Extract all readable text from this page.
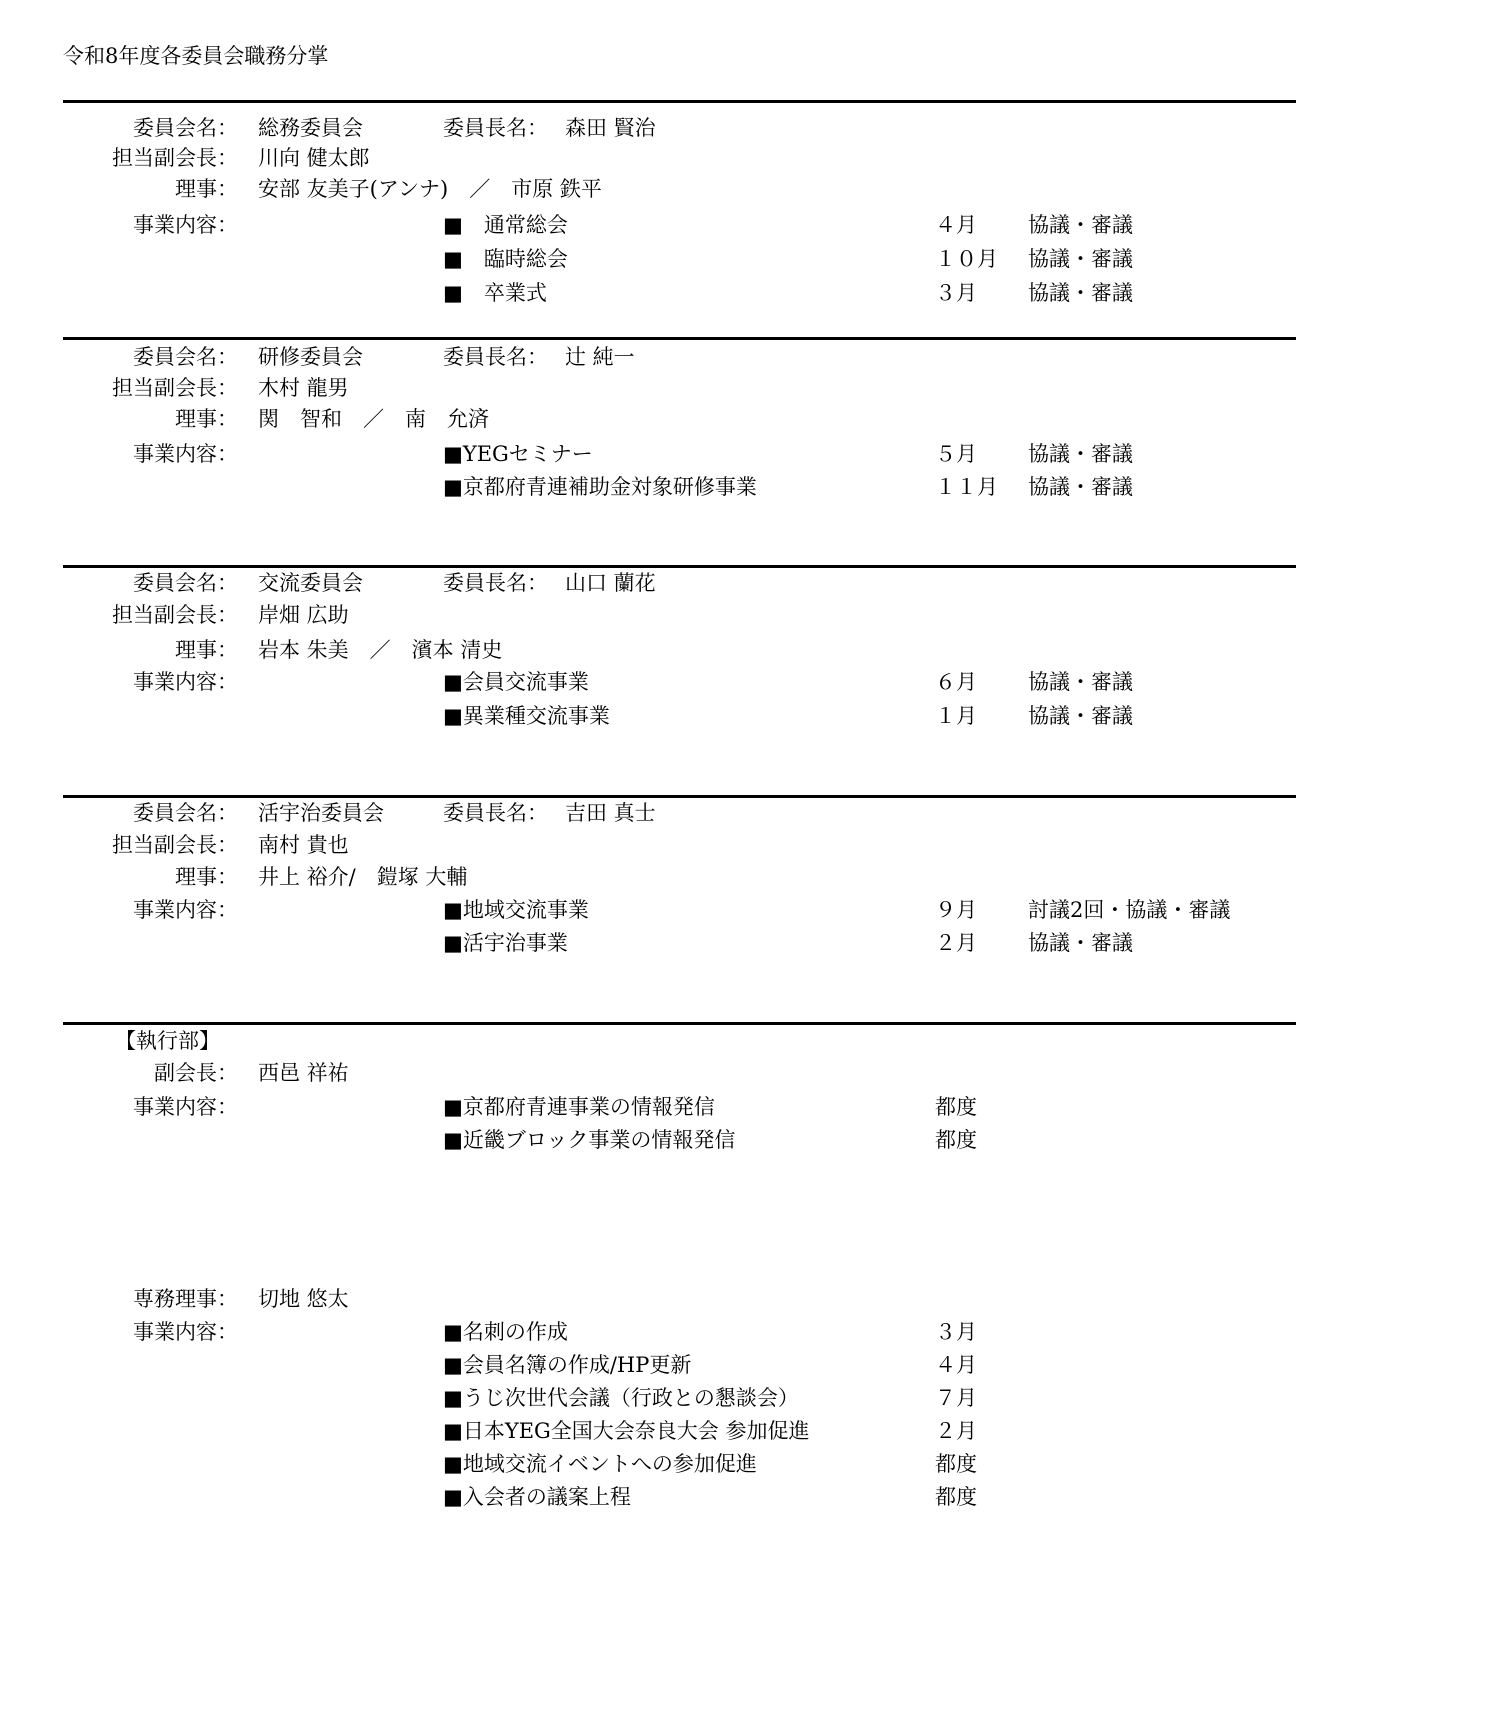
令和8年度各委員会職務分掌
委員会名： 総務委員会	委員長名： 森田 賢治
担当副会長： 川向 健太郎
理事： 安部 友美子(アンナ)　／　市原 鉄平
事業内容：	■　通常総会	４月 協議・審議
■　臨時総会	１０月 協議・審議
■　卒業式	３月 協議・審議
委員会名： 研修委員会	委員長名： 辻 純一
担当副会長： 木村 龍男
理事： 関　智和　／　南　允済
事業内容：	■YEGセミナー	５月 協議・審議
■京都府青連補助金対象研修事業	１１月 協議・審議
委員会名： 交流委員会	委員長名： 山口 蘭花
担当副会長： 岸畑 広助
理事： 岩本 朱美　／　濱本 清史
事業内容：	■会員交流事業	６月 協議・審議
■異業種交流事業	１月 協議・審議
委員会名： 活宇治委員会	委員長名： 吉田 真士
担当副会長： 南村 貴也
理事： 井上 裕介/　鎧塚 大輔
事業内容：	■地域交流事業	９月 討議2回・協議・審議
■活宇治事業	２月 協議・審議
【執行部】
副会長： 西邑 祥祐
事業内容：	■京都府青連事業の情報発信	都度
■近畿ブロック事業の情報発信	都度
専務理事： 切地 悠太
事業内容：	■名刺の作成	３月
■会員名簿の作成/HP更新	４月
■うじ次世代会議（行政との懇談会）	７月
■日本YEG全国大会奈良大会 参加促進	２月
■地域交流イベントへの参加促進	都度
■入会者の議案上程	都度
